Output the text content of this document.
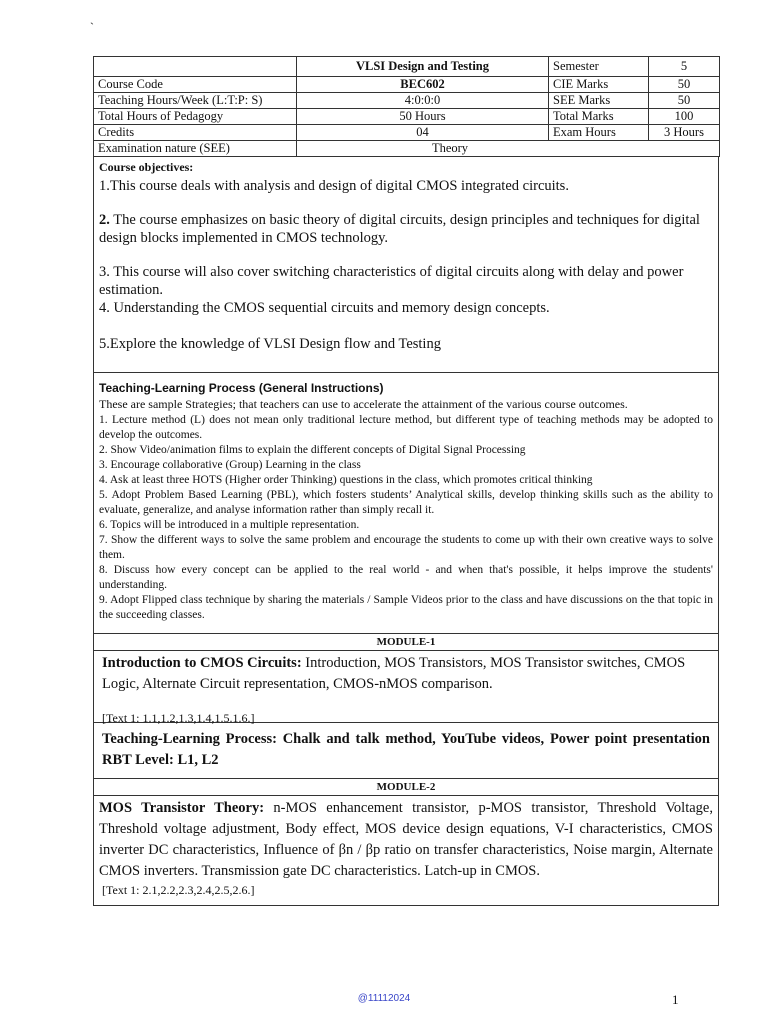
`
	VLSI Design and Testing	Semester	5
Course Code	BEC602	CIE Marks	50
Teaching Hours/Week (L:T:P: S)	4:0:0:0	SEE Marks	50
Total Hours of Pedagogy	50 Hours	Total Marks	100
Credits	04	Exam Hours	3 Hours
Examination nature (SEE)	Theory		
Course objectives:

1.This course deals with analysis and design of digital CMOS integrated circuits.

2. The course emphasizes on basic theory of digital circuits, design principles and techniques for digital design blocks implemented in CMOS technology.

3. This course will also cover switching characteristics of digital circuits along with delay and power estimation.

4. Understanding the CMOS sequential circuits and memory design concepts.

5.Explore the knowledge of VLSI Design flow and Testing

Teaching-Learning Process (General Instructions)

These are sample Strategies; that teachers can use to accelerate the attainment of the various course outcomes.

1. Lecture method (L) does not mean only traditional lecture method, but different type of teaching methods may be adopted to develop the outcomes.

2. Show Video/animation films to explain the different concepts of Digital Signal Processing

3. Encourage collaborative (Group) Learning in the class

4. Ask at least three HOTS (Higher order Thinking) questions in the class, which promotes critical thinking

5. Adopt Problem Based Learning (PBL), which fosters students’ Analytical skills, develop thinking skills such as the ability to evaluate, generalize, and analyse information rather than simply recall it.

6. Topics will be introduced in a multiple representation.

7. Show the different ways to solve the same problem and encourage the students to come up with their own creative ways to solve them.

8. Discuss how every concept can be applied to the real world - and when that's possible, it helps improve the students' understanding.

9. Adopt Flipped class technique by sharing the materials / Sample Videos prior to the class and have discussions on the that topic in the succeeding classes.

MODULE-1

Introduction to CMOS Circuits: Introduction, MOS Transistors, MOS Transistor switches, CMOS Logic, Alternate Circuit representation, CMOS-nMOS comparison.

[Text 1: 1.1,1.2,1.3,1.4,1.5.1.6.]

Teaching-Learning Process: Chalk and talk method, YouTube videos, Power point presentation RBT Level: L1, L2

MODULE-2

MOS Transistor Theory: n-MOS enhancement transistor, p-MOS transistor, Threshold Voltage, Threshold voltage adjustment, Body effect, MOS device design equations, V-I characteristics, CMOS inverter DC characteristics, Influence of βn / βp ratio on transfer characteristics, Noise margin, Alternate CMOS inverters. Transmission gate DC characteristics. Latch-up in CMOS.

[Text 1: 2.1,2.2,2.3,2.4,2.5,2.6.]

@11112024	1
